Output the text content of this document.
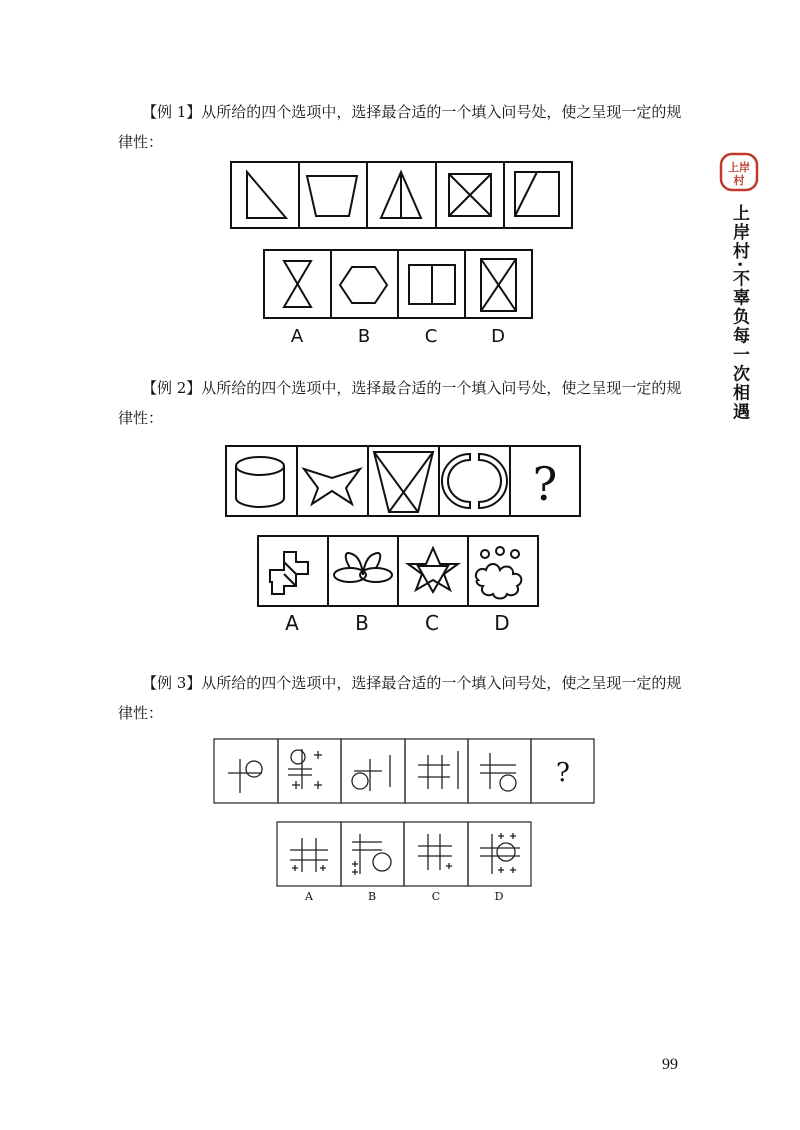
【例 1】从所给的四个选项中，选择最合适的一个填入问号处，使之呈现一定的规律性：

A	B	C	D

【例 2】从所给的四个选项中，选择最合适的一个填入问号处，使之呈现一定的规律性：

?
A	B	C	D

【例 3】从所给的四个选项中，选择最合适的一个填入问号处，使之呈现一定的规律性：

?
A	B	C	D
上岸
村
上岸村·不辜负每一次相遇
99
